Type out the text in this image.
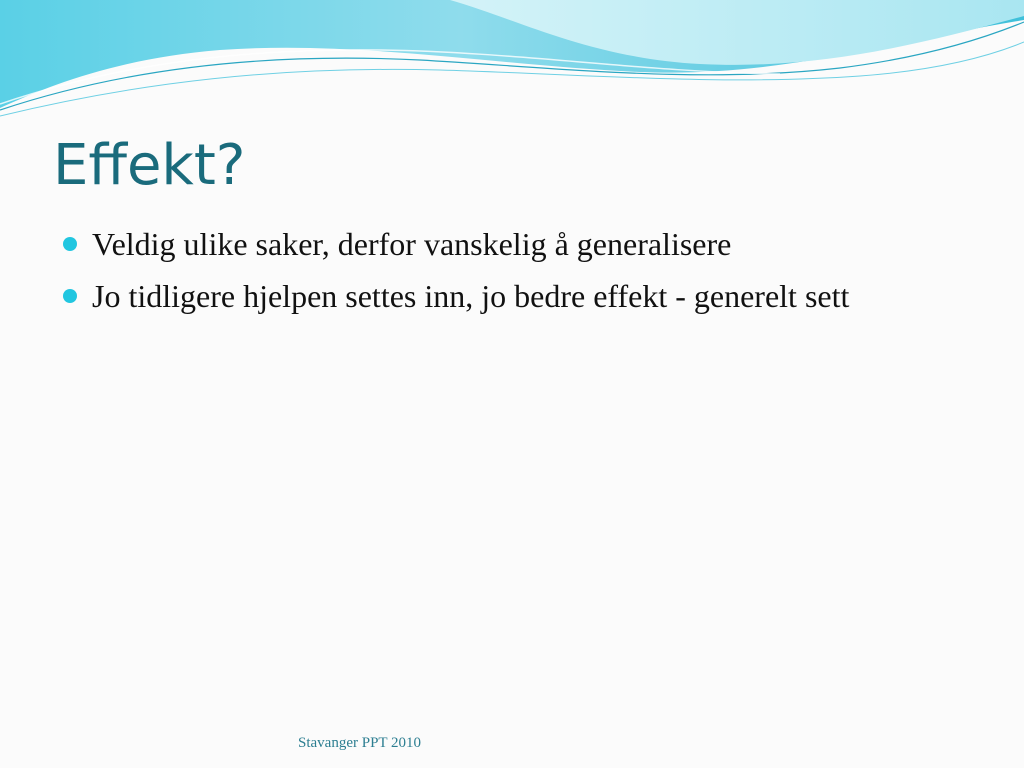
Effekt?
Veldig ulike saker, derfor vanskelig å generalisere
Jo tidligere hjelpen settes inn, jo bedre effekt - generelt sett
Stavanger PPT 2010
